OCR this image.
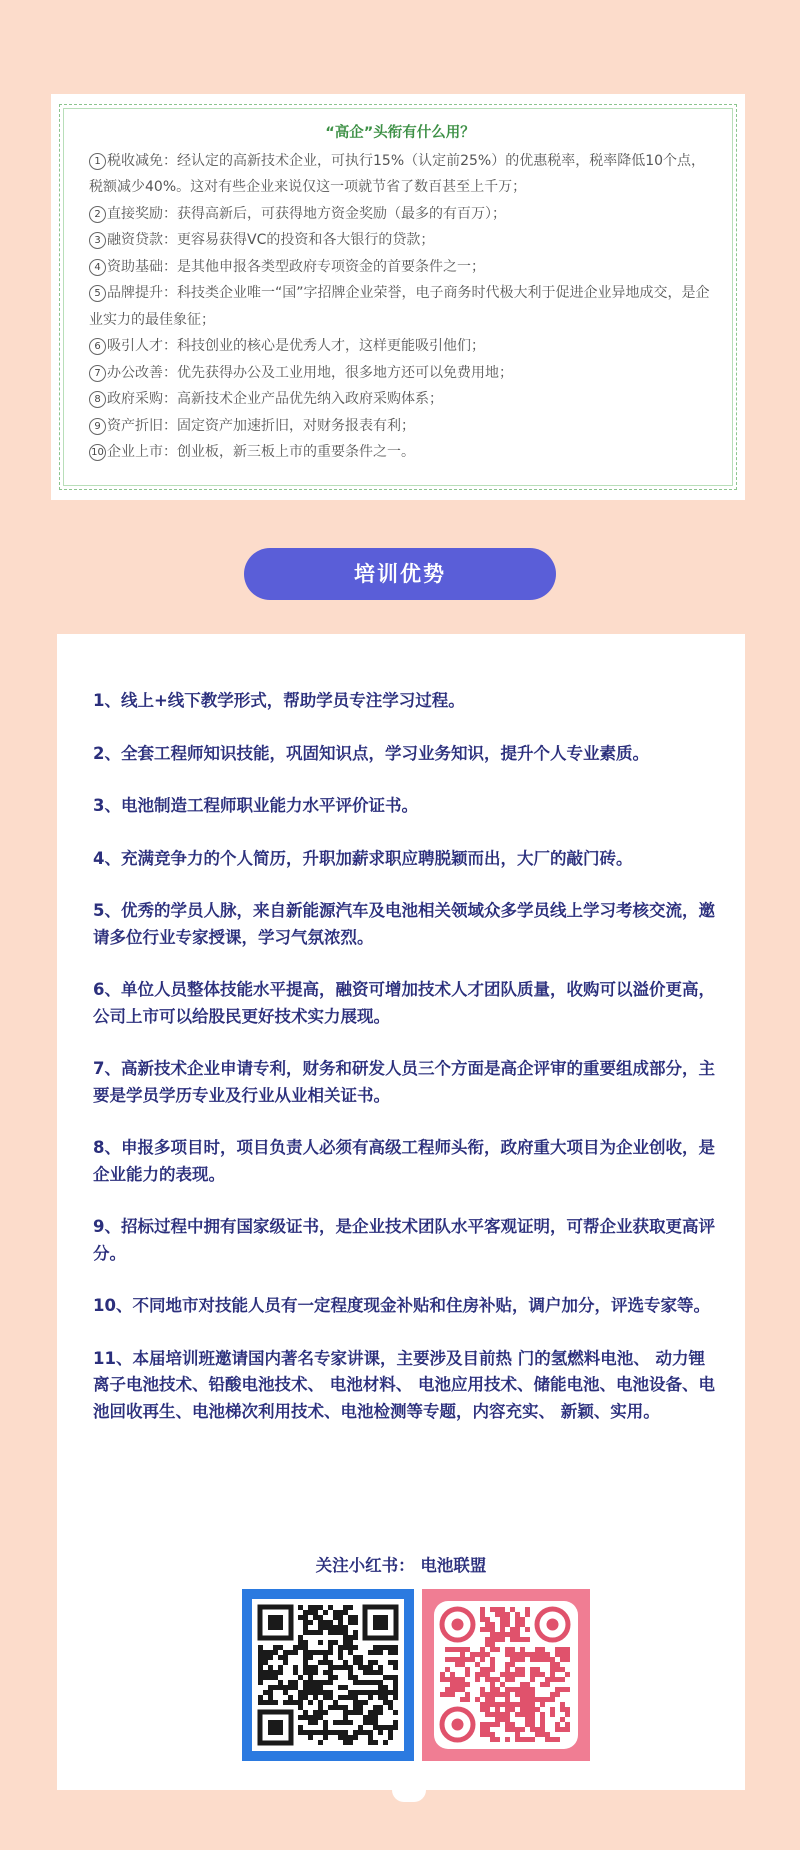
“高企”头衔有什么用？
1 税收减免：经认定的高新技术企业，可执行15%（认定前25%）的优惠税率，税率降低10个点，税额减少40%。这对有些企业来说仅这一项就节省了数百甚至上千万；
2 直接奖励：获得高新后，可获得地方资金奖励（最多的有百万）；
3 融资贷款：更容易获得VC的投资和各大银行的贷款；
4 资助基础：是其他申报各类型政府专项资金的首要条件之一；
5 品牌提升：科技类企业唯一“国”字招牌企业荣誉，电子商务时代极大利于促进企业异地成交，是企业实力的最佳象征；
6 吸引人才：科技创业的核心是优秀人才，这样更能吸引他们；
7 办公改善：优先获得办公及工业用地，很多地方还可以免费用地；
8 政府采购：高新技术企业产品优先纳入政府采购体系；
9 资产折旧：固定资产加速折旧，对财务报表有利；
10 企业上市：创业板，新三板上市的重要条件之一。
培训优势
1、线上+线下教学形式，帮助学员专注学习过程。
2、全套工程师知识技能，巩固知识点，学习业务知识，提升个人专业素质。
3、电池制造工程师职业能力水平评价证书。
4、充满竞争力的个人简历，升职加薪求职应聘脱颖而出，大厂的敲门砖。
5、优秀的学员人脉，来自新能源汽车及电池相关领域众多学员线上学习考核交流，邀请多位行业专家授课，学习气氛浓烈。
6、单位人员整体技能水平提高，融资可增加技术人才团队质量，收购可以溢价更高，公司上市可以给股民更好技术实力展现。
7、高新技术企业申请专利，财务和研发人员三个方面是高企评审的重要组成部分，主要是学员学历专业及行业从业相关证书。
8、申报多项目时，项目负责人必须有高级工程师头衔，政府重大项目为企业创收，是企业能力的表现。
9、招标过程中拥有国家级证书，是企业技术团队水平客观证明，可帮企业获取更高评分。
10、不同地市对技能人员有一定程度现金补贴和住房补贴，调户加分，评选专家等。
11、本届培训班邀请国内著名专家讲课，主要涉及目前热 门的氢燃料电池、 动力锂离子电池技术、铅酸电池技术、 电池材料、 电池应用技术、储能电池、电池设备、电池回收再生、电池梯次利用技术、电池检测等专题，内容充实、 新颖、实用。
关注小红书： 电池联盟
